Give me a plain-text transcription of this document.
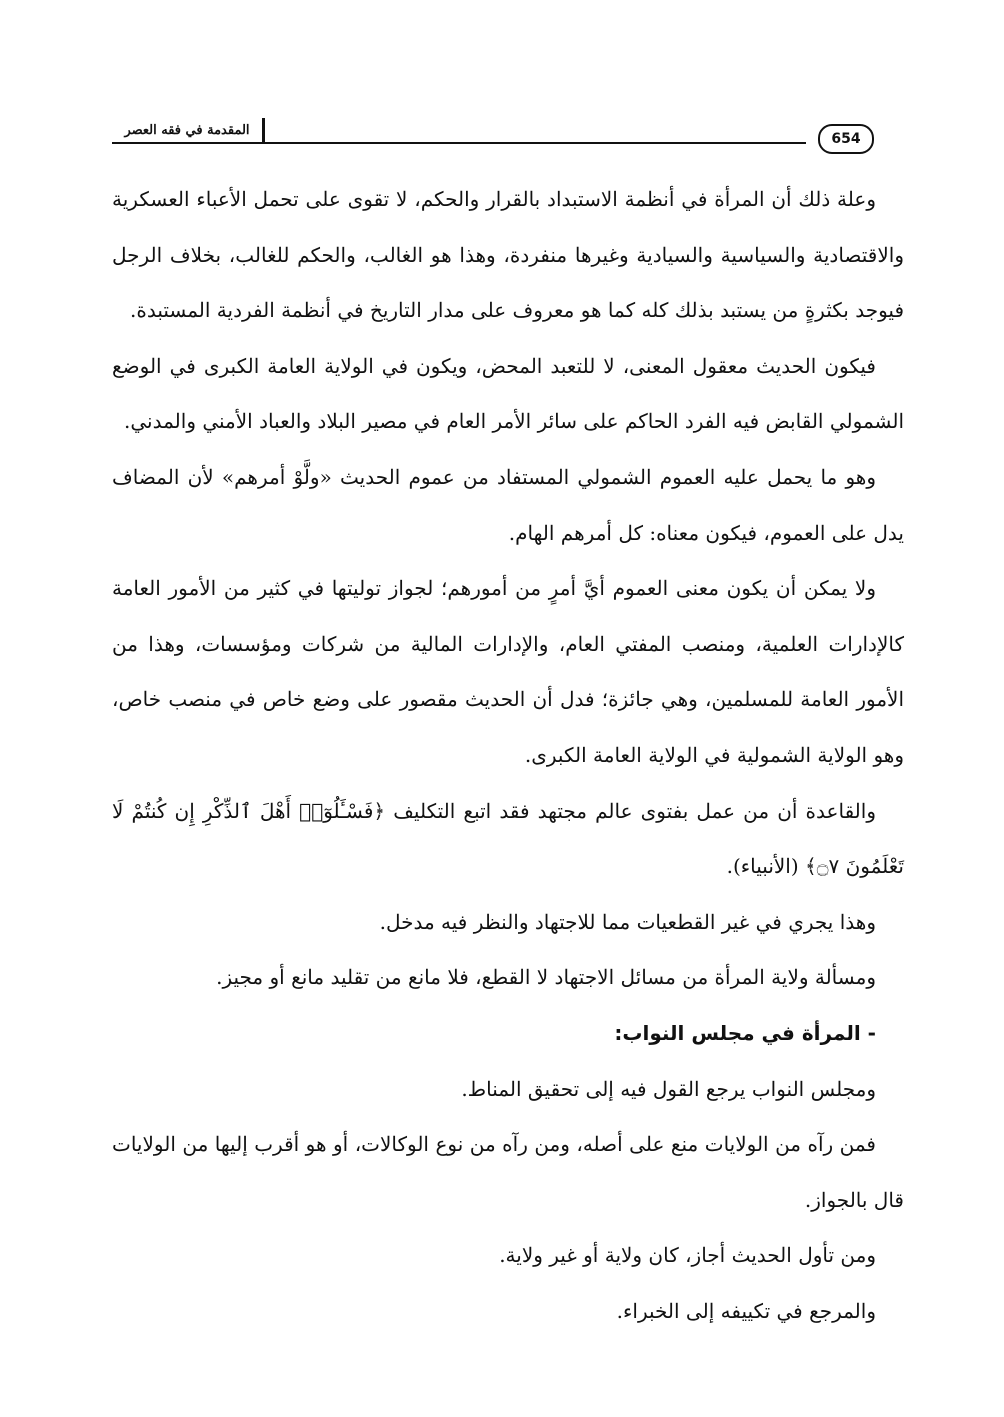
المقدمة في فقه العصر
654

وعلة ذلك أن المرأة في أنظمة الاستبداد بالقرار والحكم، لا تقوى على تحمل الأعباء العسكرية والاقتصادية والسياسية والسيادية وغيرها منفردة، وهذا هو الغالب، والحكم للغالب، بخلاف الرجل فيوجد بكثرةٍ من يستبد بذلك كله كما هو معروف على مدار التاريخ في أنظمة الفردية المستبدة.

فيكون الحديث معقول المعنى، لا للتعبد المحض، ويكون في الولاية العامة الكبرى في الوضع الشمولي القابض فيه الفرد الحاكم على سائر الأمر العام في مصير البلاد والعباد الأمني والمدني.

وهو ما يحمل عليه العموم الشمولي المستفاد من عموم الحديث «ولَّوْ أمرهم» لأن المضاف يدل على العموم، فيكون معناه: كل أمرهم الهام.

ولا يمكن أن يكون معنى العموم أيَّ أمرٍ من أمورهم؛ لجواز توليتها في كثير من الأمور العامة كالإدارات العلمية، ومنصب المفتي العام، والإدارات المالية من شركات ومؤسسات، وهذا من الأمور العامة للمسلمين، وهي جائزة؛ فدل أن الحديث مقصور على وضع خاص في منصب خاص، وهو الولاية الشمولية في الولاية العامة الكبرى.

والقاعدة أن من عمل بفتوى عالم مجتهد فقد اتبع التكليف ﴿فَسْـَٔلُوٓا۟ أَهْلَ ٱلذِّكْرِ إِن كُنتُمْ لَا تَعْلَمُونَ ۝٧﴾ (الأنبياء).

وهذا يجري في غير القطعيات مما للاجتهاد والنظر فيه مدخل.

ومسألة ولاية المرأة من مسائل الاجتهاد لا القطع، فلا مانع من تقليد مانع أو مجيز.

- المرأة في مجلس النواب:

ومجلس النواب يرجع القول فيه إلى تحقيق المناط.

فمن رآه من الولايات منع على أصله، ومن رآه من نوع الوكالات، أو هو أقرب إليها من الولايات قال بالجواز.

ومن تأول الحديث أجاز، كان ولاية أو غير ولاية.

والمرجع في تكييفه إلى الخبراء.
